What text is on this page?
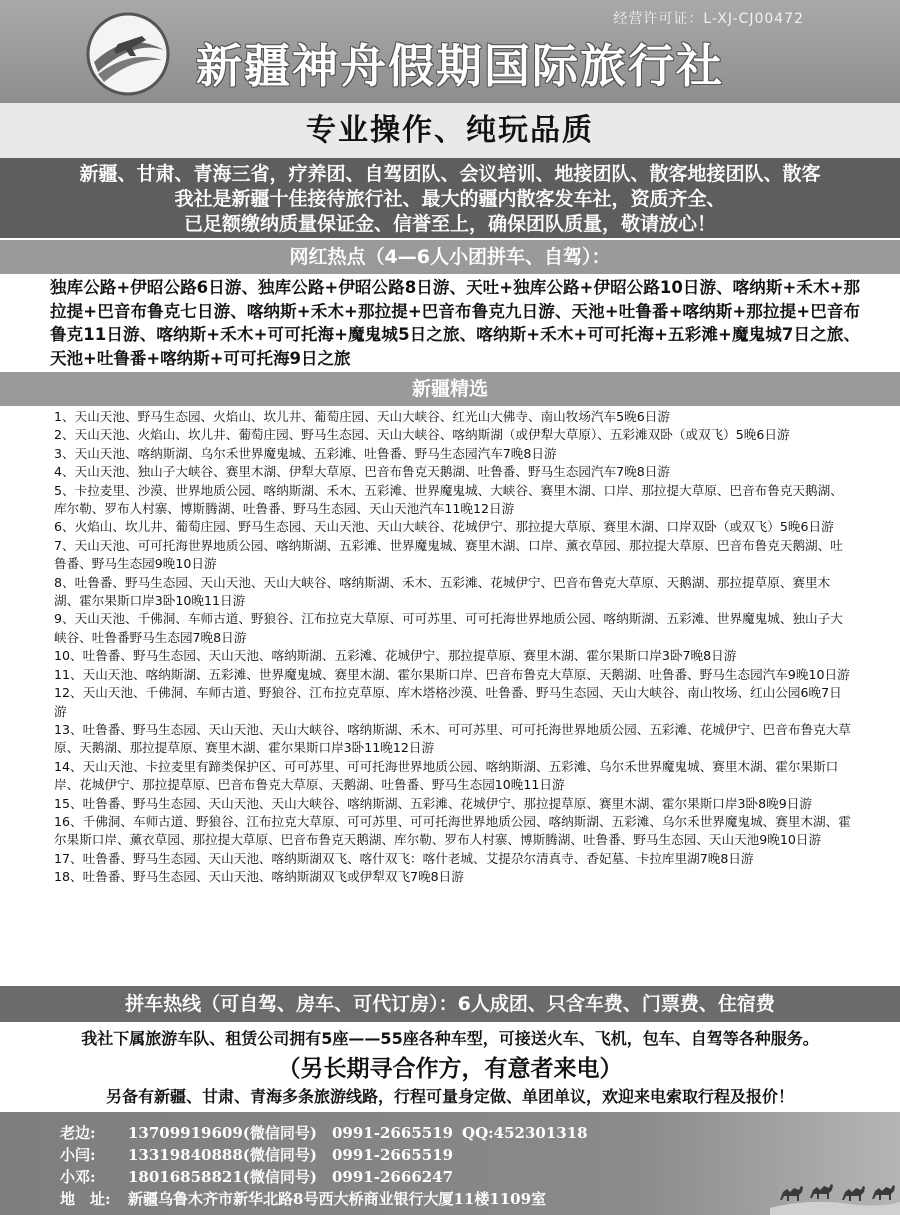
经营许可证：L-XJ-CJ00472
新疆神舟假期国际旅行社
专业操作、纯玩品质
新疆、甘肃、青海三省，疗养团、自驾团队、会议培训、地接团队、散客地接团队、散客
我社是新疆十佳接待旅行社、最大的疆内散客发车社，资质齐全、
已足额缴纳质量保证金、信誉至上，确保团队质量，敬请放心！
网红热点（4—6人小团拼车、自驾）：
独库公路+伊昭公路6日游、独库公路+伊昭公路8日游、天吐+独库公路+伊昭公路10日游、喀纳斯+禾木+那拉提+巴音布鲁克七日游、喀纳斯+禾木+那拉提+巴音布鲁克九日游、天池+吐鲁番+喀纳斯+那拉提+巴音布鲁克11日游、喀纳斯+禾木+可可托海+魔鬼城5日之旅、喀纳斯+禾木+可可托海+五彩滩+魔鬼城7日之旅、天池+吐鲁番+喀纳斯+可可托海9日之旅
新疆精选
1、天山天池、野马生态园、火焰山、坎儿井、葡萄庄园、天山大峡谷、红光山大佛寺、南山牧场汽车5晚6日游
2、天山天池、火焰山、坎儿井、葡萄庄园、野马生态园、天山大峡谷、喀纳斯湖（或伊犁大草原）、五彩滩双卧（或双飞）5晚6日游
3、天山天池、喀纳斯湖、乌尔禾世界魔鬼城、五彩滩、吐鲁番、野马生态园汽车7晚8日游
4、天山天池、独山子大峡谷、赛里木湖、伊犁大草原、巴音布鲁克天鹅湖、吐鲁番、野马生态园汽车7晚8日游
5、卡拉麦里、沙漠、世界地质公园、喀纳斯湖、禾木、五彩滩、世界魔鬼城、大峡谷、赛里木湖、口岸、那拉提大草原、巴音布鲁克天鹅湖、库尔勒、罗布人村寨、博斯腾湖、吐鲁番、野马生态园、天山天池汽车11晚12日游
6、火焰山、坎儿井、葡萄庄园、野马生态园、天山天池、天山大峡谷、花城伊宁、那拉提大草原、赛里木湖、口岸双卧（或双飞）5晚6日游
7、天山天池、可可托海世界地质公园、喀纳斯湖、五彩滩、世界魔鬼城、赛里木湖、口岸、薰衣草园、那拉提大草原、巴音布鲁克天鹅湖、吐鲁番、野马生态园9晚10日游
8、吐鲁番、野马生态园、天山天池、天山大峡谷、喀纳斯湖、禾木、五彩滩、花城伊宁、巴音布鲁克大草原、天鹅湖、那拉提草原、赛里木湖、霍尔果斯口岸3卧10晚11日游
9、天山天池、千佛洞、车师古道、野狼谷、江布拉克大草原、可可苏里、可可托海世界地质公园、喀纳斯湖、五彩滩、世界魔鬼城、独山子大峡谷、吐鲁番野马生态园7晚8日游
10、吐鲁番、野马生态园、天山天池、喀纳斯湖、五彩滩、花城伊宁、那拉提草原、赛里木湖、霍尔果斯口岸3卧7晚8日游
11、天山天池、喀纳斯湖、五彩滩、世界魔鬼城、赛里木湖、霍尔果斯口岸、巴音布鲁克大草原、天鹅湖、吐鲁番、野马生态园汽车9晚10日游
12、天山天池、千佛洞、车师古道、野狼谷、江布拉克草原、库木塔格沙漠、吐鲁番、野马生态园、天山大峡谷、南山牧场、红山公园6晚7日游
13、吐鲁番、野马生态园、天山天池、天山大峡谷、喀纳斯湖、禾木、可可苏里、可可托海世界地质公园、五彩滩、花城伊宁、巴音布鲁克大草原、天鹅湖、那拉提草原、赛里木湖、霍尔果斯口岸3卧11晚12日游
14、天山天池、卡拉麦里有蹄类保护区、可可苏里、可可托海世界地质公园、喀纳斯湖、五彩滩、乌尔禾世界魔鬼城、赛里木湖、霍尔果斯口岸、花城伊宁、那拉提草原、巴音布鲁克大草原、天鹅湖、吐鲁番、野马生态园10晚11日游
15、吐鲁番、野马生态园、天山天池、天山大峡谷、喀纳斯湖、五彩滩、花城伊宁、那拉提草原、赛里木湖、霍尔果斯口岸3卧8晚9日游
16、千佛洞、车师古道、野狼谷、江布拉克大草原、可可苏里、可可托海世界地质公园、喀纳斯湖、五彩滩、乌尔禾世界魔鬼城、赛里木湖、霍尔果斯口岸、薰衣草园、那拉提大草原、巴音布鲁克天鹅湖、库尔勒、罗布人村寨、博斯腾湖、吐鲁番、野马生态园、天山天池9晚10日游
17、吐鲁番、野马生态园、天山天池、喀纳斯湖双飞、喀什双飞：喀什老城、艾提尕尔清真寺、香妃墓、卡拉库里湖7晚8日游
18、吐鲁番、野马生态园、天山天池、喀纳斯湖双飞或伊犁双飞7晚8日游
拼车热线（可自驾、房车、可代订房）：6人成团、只含车费、门票费、住宿费
我社下属旅游车队、租赁公司拥有5座——55座各种车型，可接送火车、飞机，包车、自驾等各种服务。
（另长期寻合作方，有意者来电）
另备有新疆、甘肃、青海多条旅游线路，行程可量身定做、单团单议，欢迎来电索取行程及报价！
老边: 13709919609(微信同号) 0991-2665519 QQ:452301318
小闫: 13319840888(微信同号) 0991-2665519
小邓: 18016858821(微信同号) 0991-2666247
地　址: 新疆乌鲁木齐市新华北路8号西大桥商业银行大厦11楼1109室
